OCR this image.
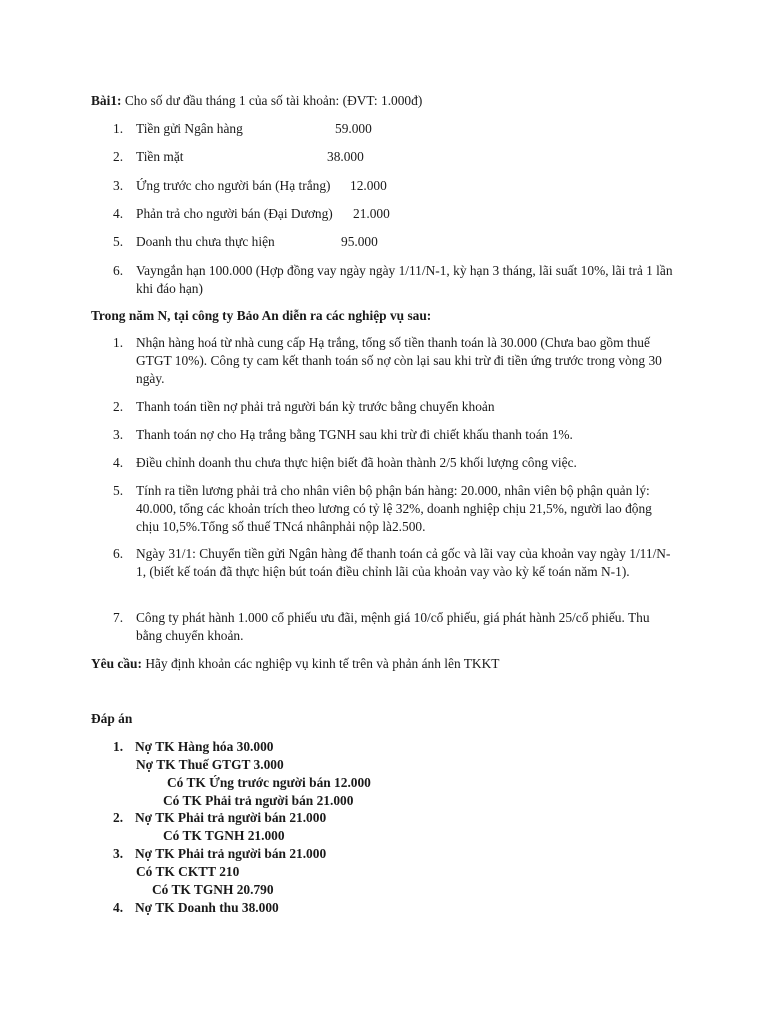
Bài1: Cho số dư đầu tháng 1 của số tài khoản: (ĐVT: 1.000đ)
1. Tiền gửi Ngân hàng	59.000
2. Tiền mặt	38.000
3. Ứng trước cho người bán (Hạ trắng)	12.000
4. Phản trả cho người bán (Đại Dương)	21.000
5. Doanh thu chưa thực hiện	95.000
6. Vayngắn hạn 100.000 (Hợp đồng vay ngày ngày 1/11/N-1, kỳ hạn 3 tháng, lãi suất 10%, lãi trả 1 lần khi đáo hạn)
Trong năm N, tại công ty Bảo An diễn ra các nghiệp vụ sau:
1. Nhận hàng hoá từ nhà cung cấp Hạ trắng, tổng số tiền thanh toán là 30.000 (Chưa bao gồm thuế GTGT 10%). Công ty cam kết thanh toán số nợ còn lại sau khi trừ đi tiền ứng trước trong vòng 30 ngày.
2. Thanh toán tiền nợ phải trả người bán kỳ trước bằng chuyển khoản
3. Thanh toán nợ cho Hạ trắng bằng TGNH sau khi trừ đi chiết khấu thanh toán 1%.
4. Điều chỉnh doanh thu chưa thực hiện biết đã hoàn thành 2/5 khối lượng công việc.
5. Tính ra tiền lương phải trả cho nhân viên bộ phận bán hàng: 20.000, nhân viên bộ phận quản lý: 40.000, tổng các khoản trích theo lương có tỷ lệ 32%, doanh nghiệp chịu 21,5%, người lao động chịu 10,5%.Tổng số thuế TNcá nhânphải nộp là2.500.
6. Ngày 31/1: Chuyển tiền gửi Ngân hàng để thanh toán cả gốc và lãi vay của khoản vay ngày 1/11/N-1, (biết kế toán đã thực hiện bút toán điều chỉnh lãi của khoản vay vào kỳ kế toán năm N-1).
7. Công ty phát hành 1.000 cổ phiếu ưu đãi, mệnh giá 10/cổ phiếu, giá phát hành 25/cổ phiếu. Thu bằng chuyển khoản.
Yêu cầu: Hãy định khoản các nghiệp vụ kinh tế trên và phản ánh lên TKKT
Đáp án
1. Nợ TK Hàng hóa 30.000
Nợ TK Thuế GTGT 3.000
Có TK Ứng trước người bán 12.000
Có TK Phải trả người bán 21.000
2. Nợ TK Phải trả người bán 21.000
Có TK TGNH 21.000
3. Nợ TK Phải trả người bán 21.000
Có TK CKTT 210
Có TK TGNH 20.790
4. Nợ TK Doanh thu 38.000
